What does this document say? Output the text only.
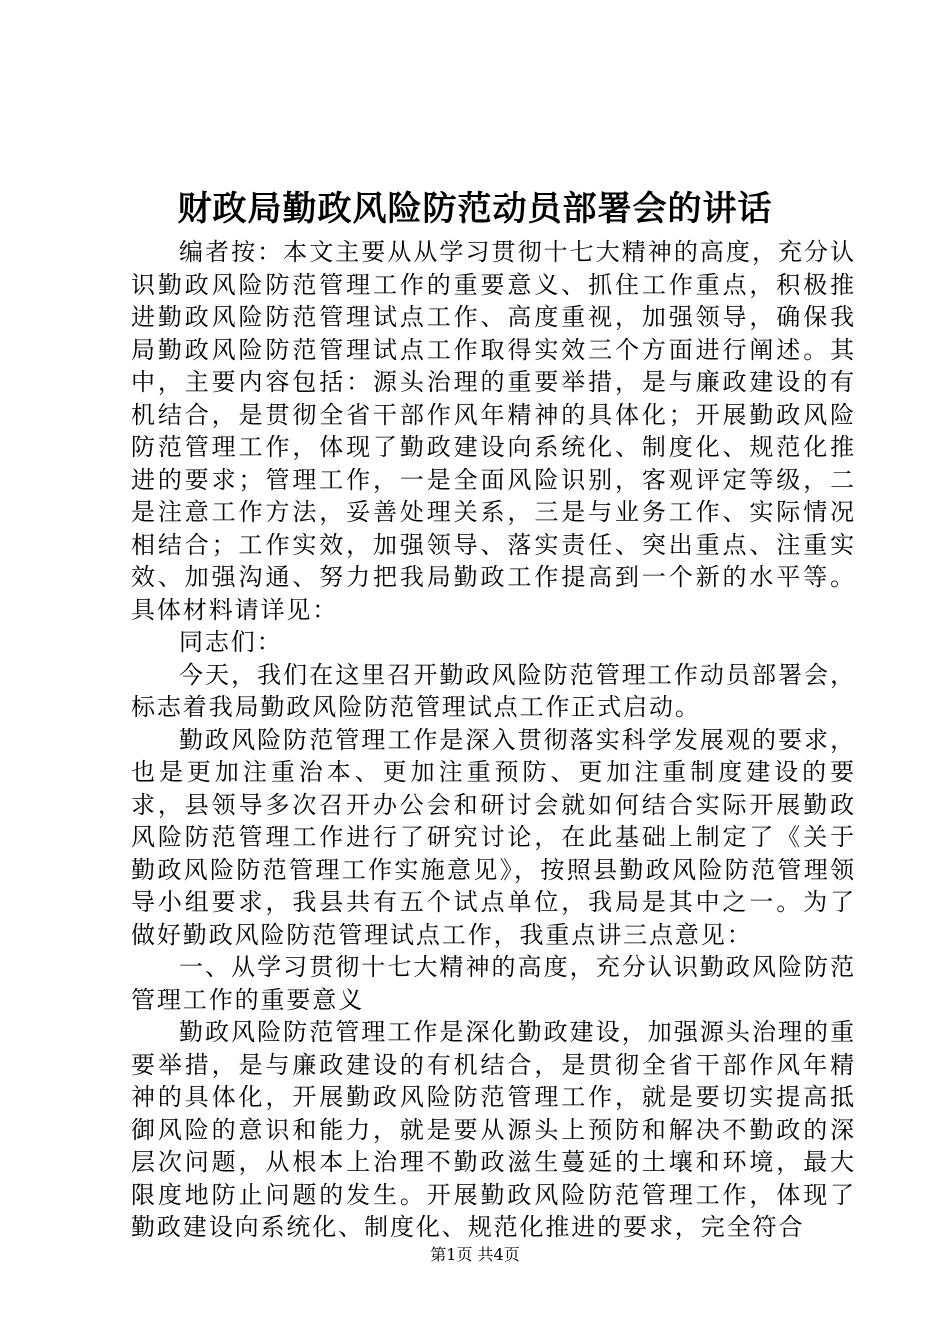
财政局勤政风险防范动员部署会的讲话

编者按：本文主要从从学习贯彻十七大精神的高度，充分认识勤政风险防范管理工作的重要意义、抓住工作重点，积极推进勤政风险防范管理试点工作、高度重视，加强领导，确保我局勤政风险防范管理试点工作取得实效三个方面进行阐述。其中，主要内容包括：源头治理的重要举措，是与廉政建设的有机结合，是贯彻全省干部作风年精神的具体化；开展勤政风险防范管理工作，体现了勤政建设向系统化、制度化、规范化推进的要求；管理工作，一是全面风险识别，客观评定等级，二是注意工作方法，妥善处理关系，三是与业务工作、实际情况相结合；工作实效，加强领导、落实责任、突出重点、注重实效、加强沟通、努力把我局勤政工作提高到一个新的水平等。具体材料请详见：

同志们：

今天，我们在这里召开勤政风险防范管理工作动员部署会，标志着我局勤政风险防范管理试点工作正式启动。

勤政风险防范管理工作是深入贯彻落实科学发展观的要求，也是更加注重治本、更加注重预防、更加注重制度建设的要求，县领导多次召开办公会和研讨会就如何结合实际开展勤政风险防范管理工作进行了研究讨论，在此基础上制定了《关于勤政风险防范管理工作实施意见》，按照县勤政风险防范管理领导小组要求，我县共有五个试点单位，我局是其中之一。为了做好勤政风险防范管理试点工作，我重点讲三点意见：

一、从学习贯彻十七大精神的高度，充分认识勤政风险防范管理工作的重要意义

勤政风险防范管理工作是深化勤政建设，加强源头治理的重要举措，是与廉政建设的有机结合，是贯彻全省干部作风年精神的具体化，开展勤政风险防范管理工作，就是要切实提高抵御风险的意识和能力，就是要从源头上预防和解决不勤政的深层次问题，从根本上治理不勤政滋生蔓延的土壤和环境，最大限度地防止问题的发生。开展勤政风险防范管理工作，体现了勤政建设向系统化、制度化、规范化推进的要求，完全符合

第1页 共4页
